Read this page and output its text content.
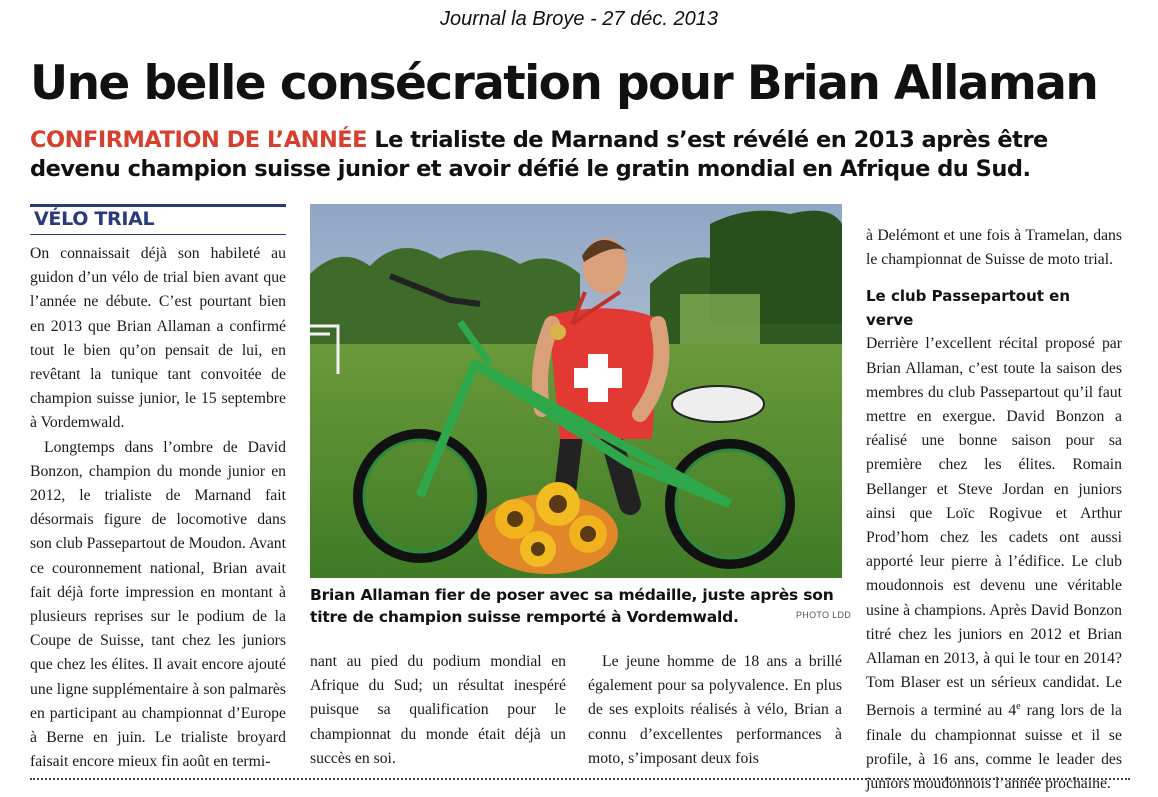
Journal la Broye - 27 déc. 2013
Une belle consécration pour Brian Allaman
CONFIRMATION DE L’ANNÉE Le trialiste de Marnand s’est révélé en 2013 après être devenu champion suisse junior et avoir défié le gratin mondial en Afrique du Sud.
VÉLO TRIAL

On connaissait déjà son habileté au guidon d’un vélo de trial bien avant que l’année ne débute. C’est pourtant bien en 2013 que Brian Allaman a confirmé tout le bien qu’on pensait de lui, en revêtant la tunique tant convoitée de champion suisse junior, le 15 septembre à Vordemwald.

Longtemps dans l’ombre de David Bonzon, champion du monde junior en 2012, le trialiste de Marnand fait désormais figure de locomotive dans son club Passepartout de Moudon. Avant ce couronnement national, Brian avait fait déjà forte impression en montant à plusieurs reprises sur le podium de la Coupe de Suisse, tant chez les juniors que chez les élites. Il avait encore ajouté une ligne supplémentaire à son palmarès en participant au championnat d’Europe à Berne en juin. Le trialiste broyard faisait encore mieux fin août en termi-

Brian Allaman fier de poser avec sa médaille, juste après son titre de champion suisse remporté à Vordemwald.	PHOTO LDD

nant au pied du podium mondial en Afrique du Sud; un résultat inespéré puisque sa qualification pour le championnat du monde était déjà un succès en soi.

Le jeune homme de 18 ans a brillé également pour sa polyvalence. En plus de ses exploits réalisés à vélo, Brian a connu d’excellentes performances à moto, s’imposant deux fois

à Delémont et une fois à Tramelan, dans le championnat de Suisse de moto trial.

Le club Passepartout en verve

Derrière l’excellent récital proposé par Brian Allaman, c’est toute la saison des membres du club Passepartout qu’il faut mettre en exergue. David Bonzon a réalisé une bonne saison pour sa première chez les élites. Romain Bellanger et Steve Jordan en juniors ainsi que Loïc Rogivue et Arthur Prod’hom chez les cadets ont aussi apporté leur pierre à l’édifice. Le club moudonnois est devenu une véritable usine à champions. Après David Bonzon titré chez les juniors en 2012 et Brian Allaman en 2013, à qui le tour en 2014? Tom Blaser est un sérieux candidat. Le Bernois a terminé au 4e rang lors de la finale du championnat suisse et il se profile, à 16 ans, comme le leader des juniors moudonnois l’année prochaine.
